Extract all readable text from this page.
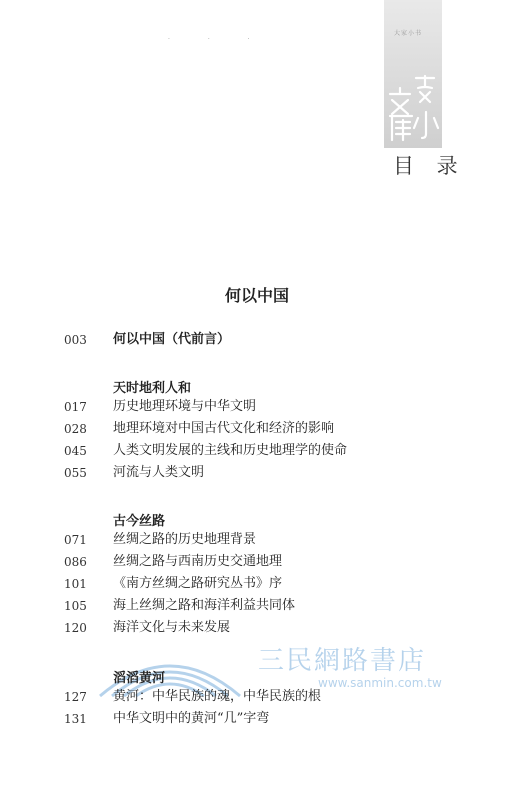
大家小书
目 录
· · ·
何以中国
003 何以中国（代前言）
天时地利人和
017 历史地理环境与中华文明
028 地理环境对中国古代文化和经济的影响
045 人类文明发展的主线和历史地理学的使命
055 河流与人类文明
古今丝路
071 丝绸之路的历史地理背景
086 丝绸之路与西南历史交通地理
101 《南方丝绸之路研究丛书》序
105 海上丝绸之路和海洋利益共同体
120 海洋文化与未来发展
三民網路書店
www.sanmin.com.tw
滔滔黄河
127 黄河：中华民族的魂，中华民族的根
131 中华文明中的黄河“几”字弯
